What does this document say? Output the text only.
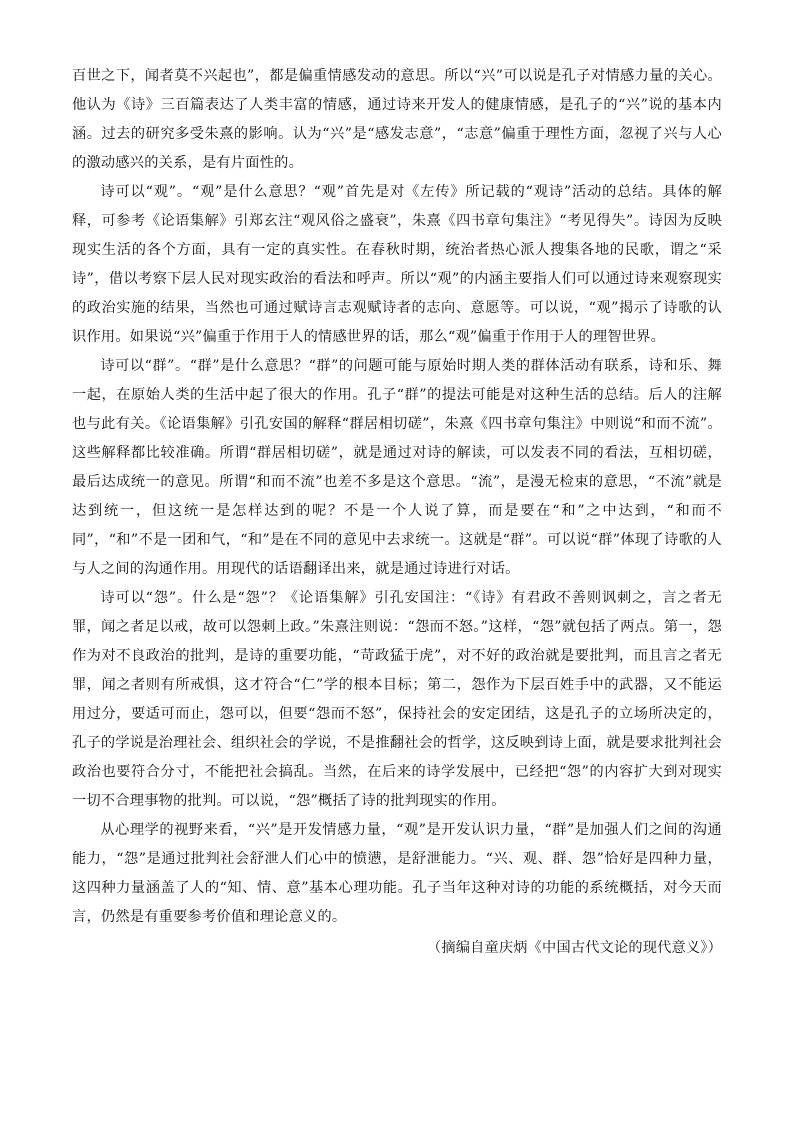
百世之下，闻者莫不兴起也”，都是偏重情感发动的意思。所以“兴”可以说是孔子对情感力量的关心。他认为《诗》三百篇表达了人类丰富的情感，通过诗来开发人的健康情感，是孔子的“兴”说的基本内涵。过去的研究多受朱熹的影响。认为“兴”是“感发志意”，“志意”偏重于理性方面，忽视了兴与人心的激动感兴的关系，是有片面性的。

诗可以“观”。“观”是什么意思？“观”首先是对《左传》所记载的“观诗”活动的总结。具体的解释，可参考《论语集解》引郑玄注“观风俗之盛衰”，朱熹《四书章句集注》“考见得失”。诗因为反映现实生活的各个方面，具有一定的真实性。在春秋时期，统治者热心派人搜集各地的民歌，谓之“采诗”，借以考察下层人民对现实政治的看法和呼声。所以“观”的内涵主要指人们可以通过诗来观察现实的政治实施的结果，当然也可通过赋诗言志观赋诗者的志向、意愿等。可以说，“观”揭示了诗歌的认识作用。如果说“兴”偏重于作用于人的情感世界的话，那么“观”偏重于作用于人的理智世界。

诗可以“群”。“群”是什么意思？“群”的问题可能与原始时期人类的群体活动有联系，诗和乐、舞一起，在原始人类的生活中起了很大的作用。孔子“群”的提法可能是对这种生活的总结。后人的注解也与此有关。《论语集解》引孔安国的解释“群居相切磋”，朱熹《四书章句集注》中则说“和而不流”。这些解释都比较准确。所谓“群居相切磋”，就是通过对诗的解读，可以发表不同的看法，互相切磋，最后达成统一的意见。所谓“和而不流”也差不多是这个意思。“流”，是漫无检束的意思，“不流”就是达到统一，但这统一是怎样达到的呢？不是一个人说了算，而是要在“和”之中达到，“和而不同”，“和”不是一团和气，“和”是在不同的意见中去求统一。这就是“群”。可以说“群”体现了诗歌的人与人之间的沟通作用。用现代的话语翻译出来，就是通过诗进行对话。

诗可以“怨”。什么是“怨”？《论语集解》引孔安国注：“《诗》有君政不善则讽刺之，言之者无罪，闻之者足以戒，故可以怨刺上政。”朱熹注则说：“怨而不怒。”这样，“怨”就包括了两点。第一，怨作为对不良政治的批判，是诗的重要功能，“苛政猛于虎”，对不好的政治就是要批判，而且言之者无罪，闻之者则有所戒惧，这才符合“仁”学的根本目标；第二，怨作为下层百姓手中的武器，又不能运用过分，要适可而止，怨可以，但要“怨而不怒”，保持社会的安定团结，这是孔子的立场所决定的，孔子的学说是治理社会、组织社会的学说，不是推翻社会的哲学，这反映到诗上面，就是要求批判社会政治也要符合分寸，不能把社会搞乱。当然，在后来的诗学发展中，已经把“怨”的内容扩大到对现实一切不合理事物的批判。可以说，“怨”概括了诗的批判现实的作用。

从心理学的视野来看，“兴”是开发情感力量，“观”是开发认识力量，“群”是加强人们之间的沟通能力，“怨”是通过批判社会舒泄人们心中的愤懑，是舒泄能力。“兴、观、群、怨”恰好是四种力量，这四种力量涵盖了人的“知、情、意”基本心理功能。孔子当年这种对诗的功能的系统概括，对今天而言，仍然是有重要参考价值和理论意义的。

（摘编自童庆炳《中国古代文论的现代意义》）
